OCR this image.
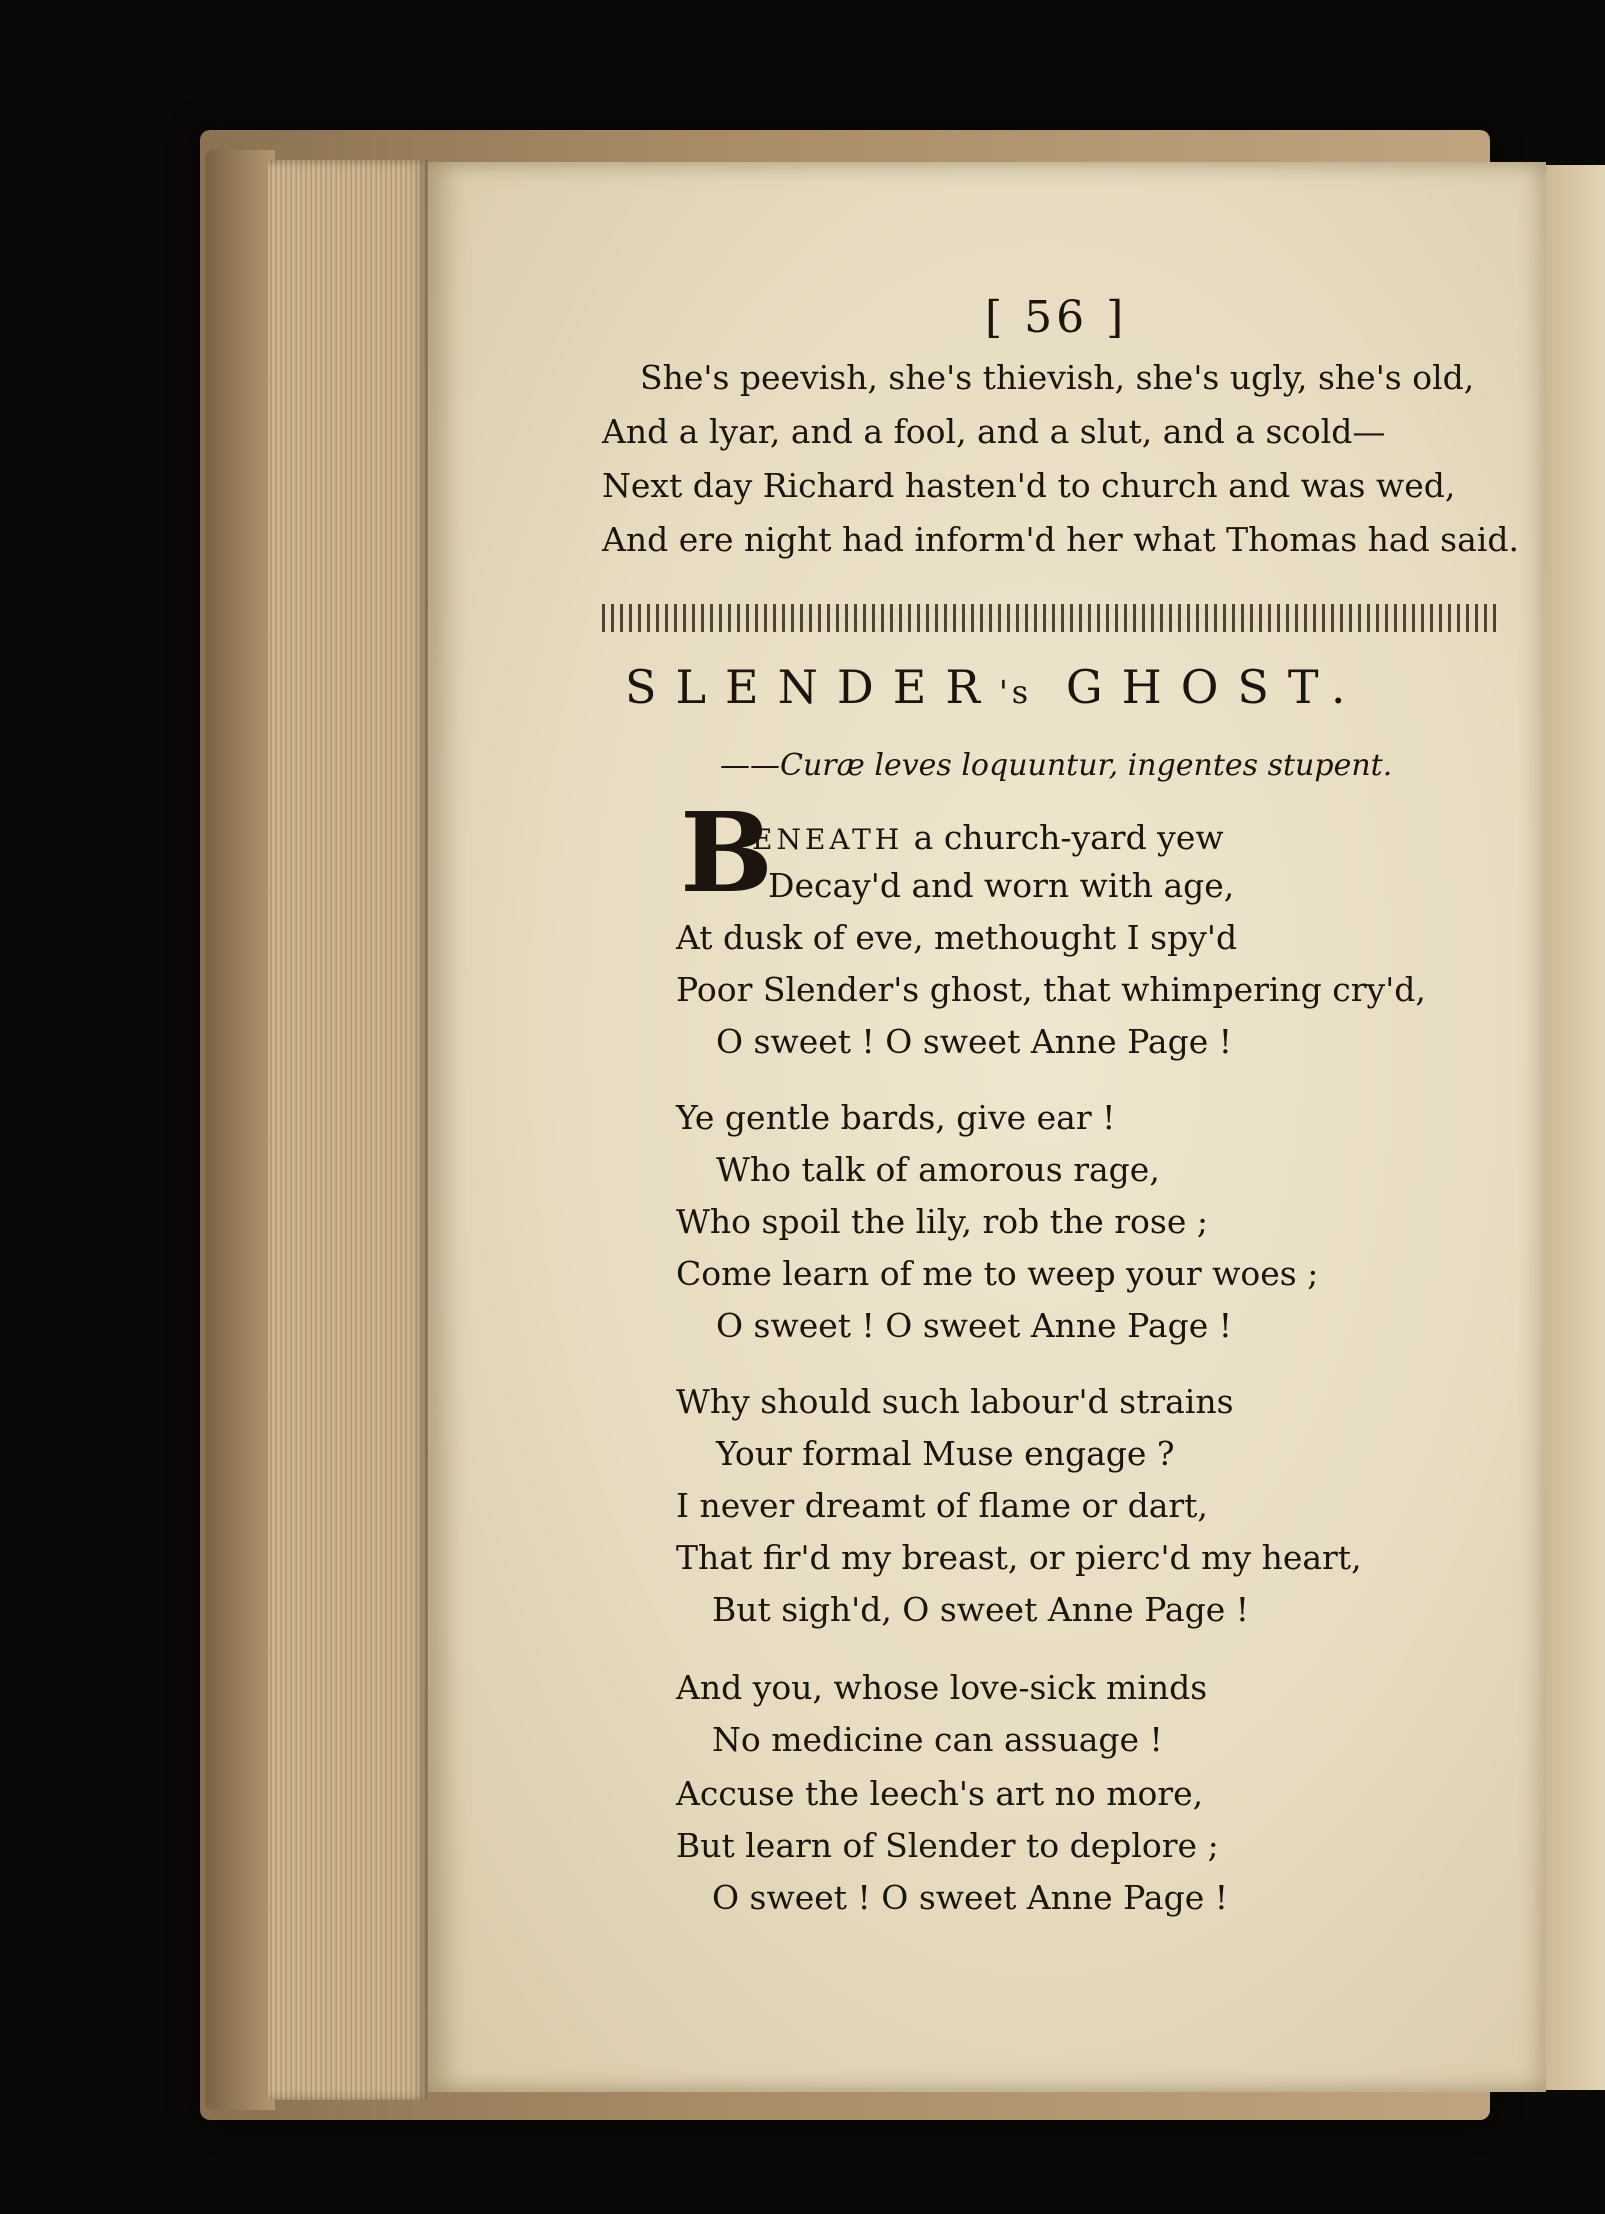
[ 56 ]
She's peevish, she's thievish, she's ugly, she's old,
And a lyar, and a fool, and a slut, and a scold—
Next day Richard hasten'd to church and was wed,
And ere night had inform'd her what Thomas had said.
SLENDER's GHOST.
——Curæ leves loquuntur, ingentes stupent.
B
ENEATH a church-yard yew
Decay'd and worn with age,
At dusk of eve, methought I spy'd
Poor Slender's ghost, that whimpering cry'd,
O sweet ! O sweet Anne Page !
Ye gentle bards, give ear !
Who talk of amorous rage,
Who spoil the lily, rob the rose ;
Come learn of me to weep your woes ;
O sweet ! O sweet Anne Page !
Why should such labour'd strains
Your formal Muse engage ?
I never dreamt of flame or dart,
That fir'd my breast, or pierc'd my heart,
But sigh'd, O sweet Anne Page !
And you, whose love-sick minds
No medicine can assuage !
Accuse the leech's art no more,
But learn of Slender to deplore ;
O sweet ! O sweet Anne Page !
